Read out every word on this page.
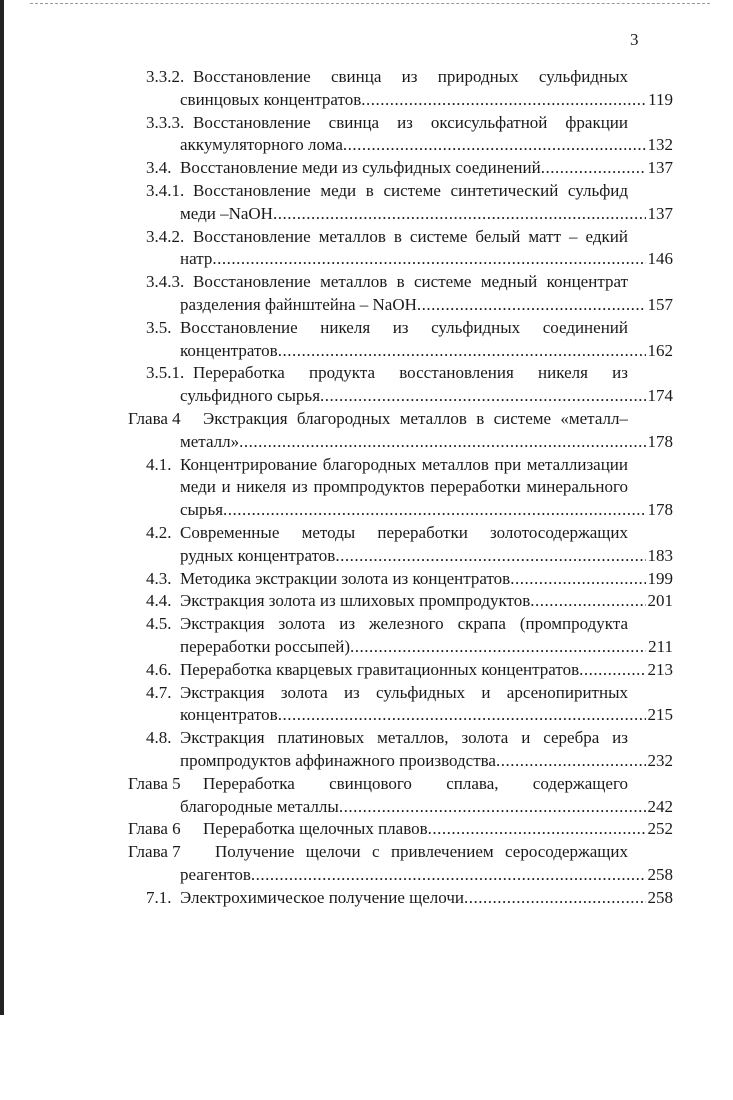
3
3.3.2. Восстановление свинца из природных сульфидных
свинцовых концентратов .....	119
3.3.3. Восстановление свинца из оксисульфатной фракции
аккумуляторного лома .....	132
3.4. Восстановление меди из сульфидных соединений .....	137
3.4.1. Восстановление меди в системе синтетический сульфид
меди –NaOH .....	137
3.4.2. Восстановление металлов в системе белый матт – едкий
натр .....	146
3.4.3. Восстановление металлов в системе медный концентрат
разделения файнштейна – NaOH .....	157
3.5. Восстановление никеля из сульфидных соединений
концентратов .....	162
3.5.1. Переработка продукта восстановления никеля из
сульфидного сырья .....	174
Глава 4 Экстракция благородных металлов в системе «металл–
металл» .....	178
4.1. Концентрирование благородных металлов при металлизации
меди и никеля из промпродуктов переработки минерального
сырья .....	178
4.2. Современные методы переработки золотосодержащих
рудных концентратов .....	183
4.3. Методика экстракции золота из концентратов .....	199
4.4. Экстракция золота из шлиховых промпродуктов .....	201
4.5. Экстракция золота из железного скрапа (промпродукта
переработки россыпей) .....	211
4.6. Переработка кварцевых гравитационных концентратов .....	213
4.7. Экстракция золота из сульфидных и арсенопиритных
концентратов .....	215
4.8. Экстракция платиновых металлов, золота и серебра из
промпродуктов аффинажного производства .....	232
Глава 5 Переработка свинцового сплава, содержащего
благородные металлы .....	242
Глава 6 Переработка щелочных плавов .....	252
Глава 7 Получение щелочи с привлечением серосодержащих
реагентов .....	258
7.1. Электрохимическое получение щелочи .....	258
